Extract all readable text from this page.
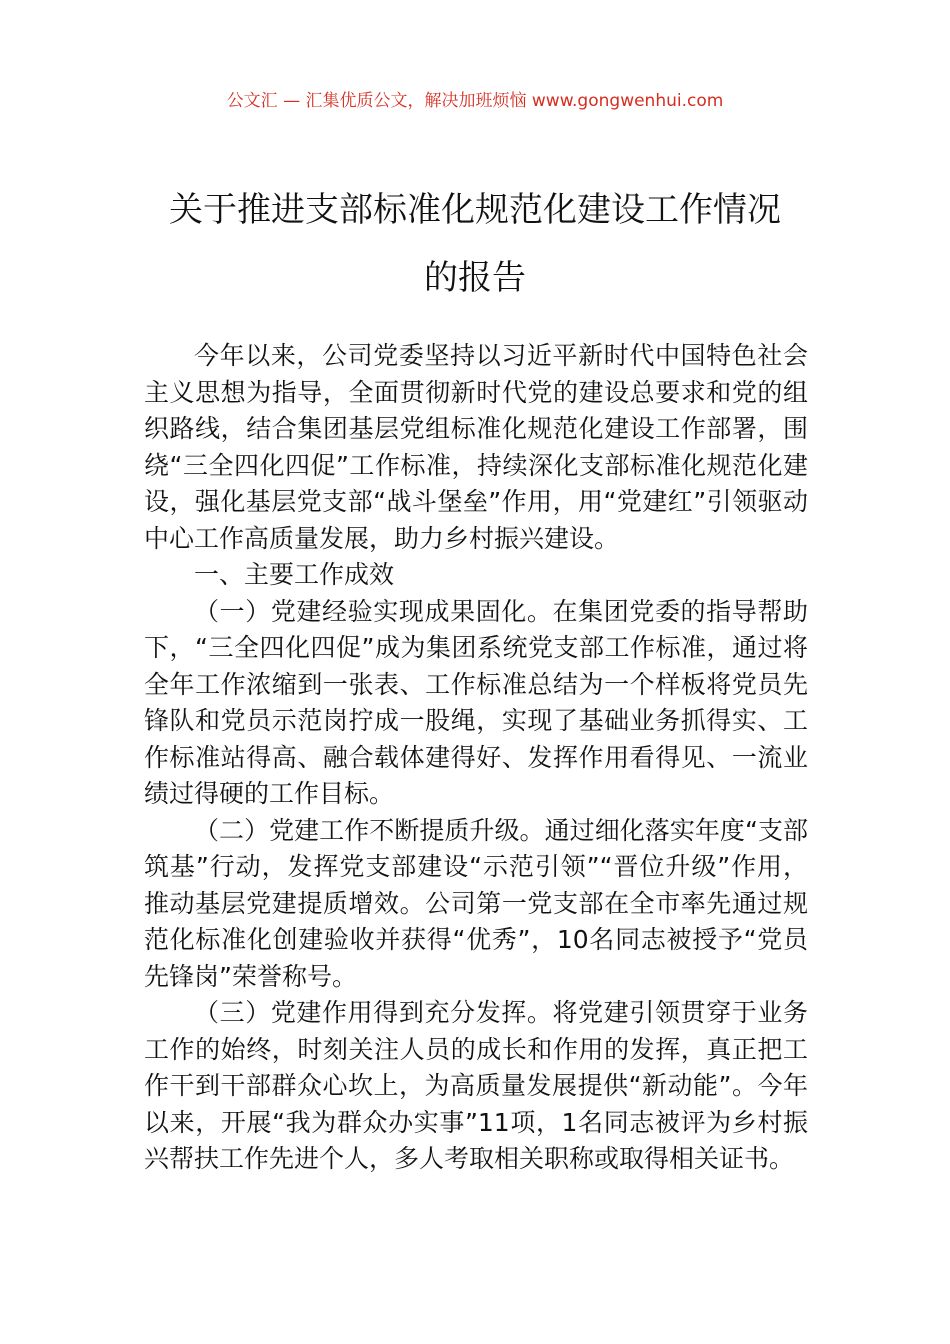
公文汇 — 汇集优质公文，解决加班烦恼 www.gongwenhui.com
关于推进支部标准化规范化建设工作情况
的报告

今年以来，公司党委坚持以习近平新时代中国特色社会主义思想为指导，全面贯彻新时代党的建设总要求和党的组织路线，结合集团基层党组标准化规范化建设工作部署，围绕“三全四化四促”工作标准，持续深化支部标准化规范化建设，强化基层党支部“战斗堡垒”作用，用“党建红”引领驱动中心工作高质量发展，助力乡村振兴建设。

一、主要工作成效

（一）党建经验实现成果固化。在集团党委的指导帮助下，“三全四化四促”成为集团系统党支部工作标准，通过将全年工作浓缩到一张表、工作标准总结为一个样板将党员先锋队和党员示范岗拧成一股绳，实现了基础业务抓得实、工作标准站得高、融合载体建得好、发挥作用看得见、一流业绩过得硬的工作目标。

（二）党建工作不断提质升级。通过细化落实年度“支部筑基”行动，发挥党支部建设“示范引领”“晋位升级”作用，推动基层党建提质增效。公司第一党支部在全市率先通过规范化标准化创建验收并获得“优秀”，10名同志被授予“党员先锋岗”荣誉称号。

（三）党建作用得到充分发挥。将党建引领贯穿于业务工作的始终，时刻关注人员的成长和作用的发挥，真正把工作干到干部群众心坎上，为高质量发展提供“新动能”。今年以来，开展“我为群众办实事”11项，1名同志被评为乡村振兴帮扶工作先进个人，多人考取相关职称或取得相关证书。
